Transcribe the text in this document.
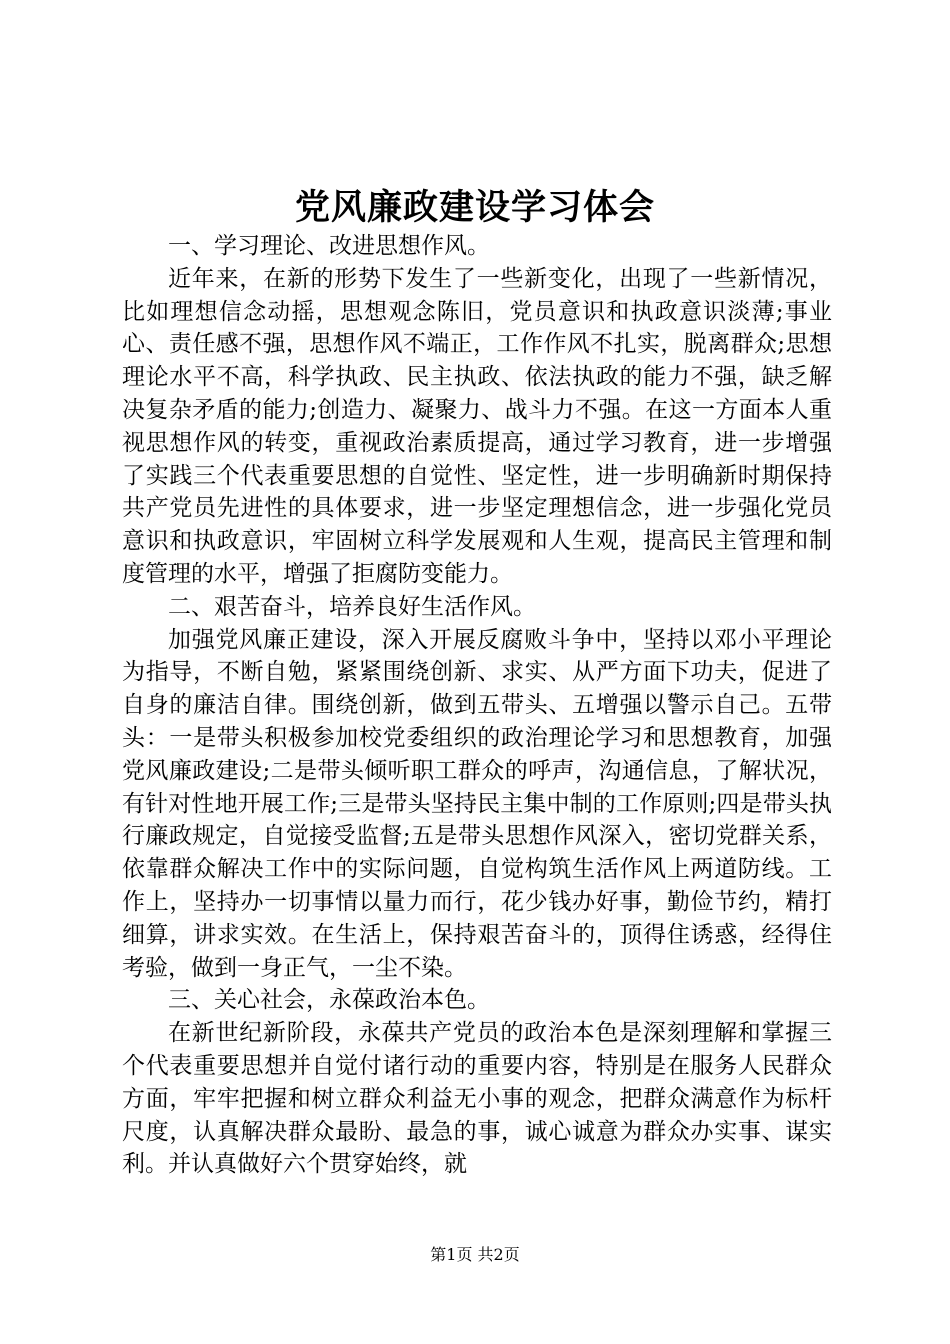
党风廉政建设学习体会

一、学习理论、改进思想作风。

近年来，在新的形势下发生了一些新变化，出现了一些新情况，比如理想信念动摇，思想观念陈旧，党员意识和执政意识淡薄;事业心、责任感不强，思想作风不端正，工作作风不扎实，脱离群众;思想理论水平不高，科学执政、民主执政、依法执政的能力不强，缺乏解决复杂矛盾的能力;创造力、凝聚力、战斗力不强。在这一方面本人重视思想作风的转变，重视政治素质提高，通过学习教育，进一步增强了实践三个代表重要思想的自觉性、坚定性，进一步明确新时期保持共产党员先进性的具体要求，进一步坚定理想信念，进一步强化党员意识和执政意识，牢固树立科学发展观和人生观，提高民主管理和制度管理的水平，增强了拒腐防变能力。

二、艰苦奋斗，培养良好生活作风。

加强党风廉正建设，深入开展反腐败斗争中，坚持以邓小平理论为指导，不断自勉，紧紧围绕创新、求实、从严方面下功夫，促进了自身的廉洁自律。围绕创新，做到五带头、五增强以警示自己。五带头：一是带头积极参加校党委组织的政治理论学习和思想教育，加强党风廉政建设;二是带头倾听职工群众的呼声，沟通信息，了解状况，有针对性地开展工作;三是带头坚持民主集中制的工作原则;四是带头执行廉政规定，自觉接受监督;五是带头思想作风深入，密切党群关系，依靠群众解决工作中的实际问题，自觉构筑生活作风上两道防线。工作上，坚持办一切事情以量力而行，花少钱办好事，勤俭节约，精打细算，讲求实效。在生活上，保持艰苦奋斗的，顶得住诱惑，经得住考验，做到一身正气，一尘不染。

三、关心社会，永葆政治本色。

在新世纪新阶段，永葆共产党员的政治本色是深刻理解和掌握三个代表重要思想并自觉付诸行动的重要内容，特别是在服务人民群众方面，牢牢把握和树立群众利益无小事的观念，把群众满意作为标杆尺度，认真解决群众最盼、最急的事，诚心诚意为群众办实事、谋实利。并认真做好六个贯穿始终，就

第1页 共2页
